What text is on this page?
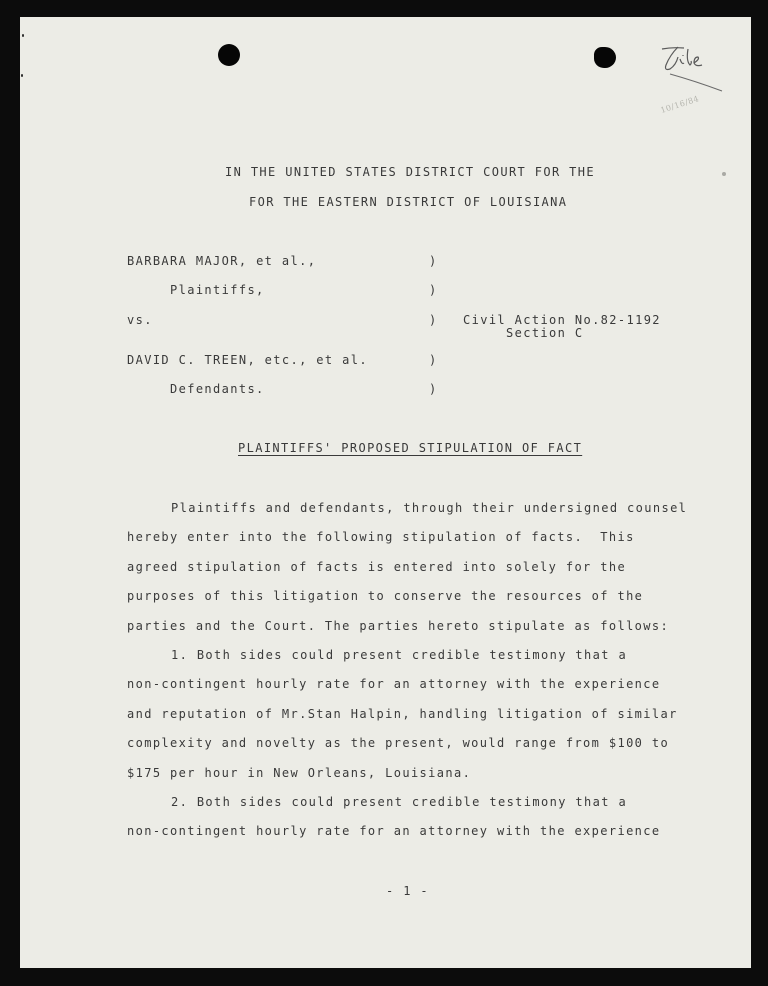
10/16/84
IN THE UNITED STATES DISTRICT COURT FOR THE
FOR THE EASTERN DISTRICT OF LOUISIANA
BARBARA MAJOR, et al.,	)
Plaintiffs,	)
vs.	) Civil Action No.82-1192
Section C
DAVID C. TREEN, etc., et al.	)
Defendants.	)
PLAINTIFFS' PROPOSED STIPULATION OF FACT
Plaintiffs and defendants, through their undersigned counsel
hereby enter into the following stipulation of facts.  This
agreed stipulation of facts is entered into solely for the
purposes of this litigation to conserve the resources of the
parties and the Court. The parties hereto stipulate as follows:
1. Both sides could present credible testimony that a
non-contingent hourly rate for an attorney with the experience
and reputation of Mr.Stan Halpin, handling litigation of similar
complexity and novelty as the present, would range from $100 to
$175 per hour in New Orleans, Louisiana.
2. Both sides could present credible testimony that a
non-contingent hourly rate for an attorney with the experience
- 1 -
